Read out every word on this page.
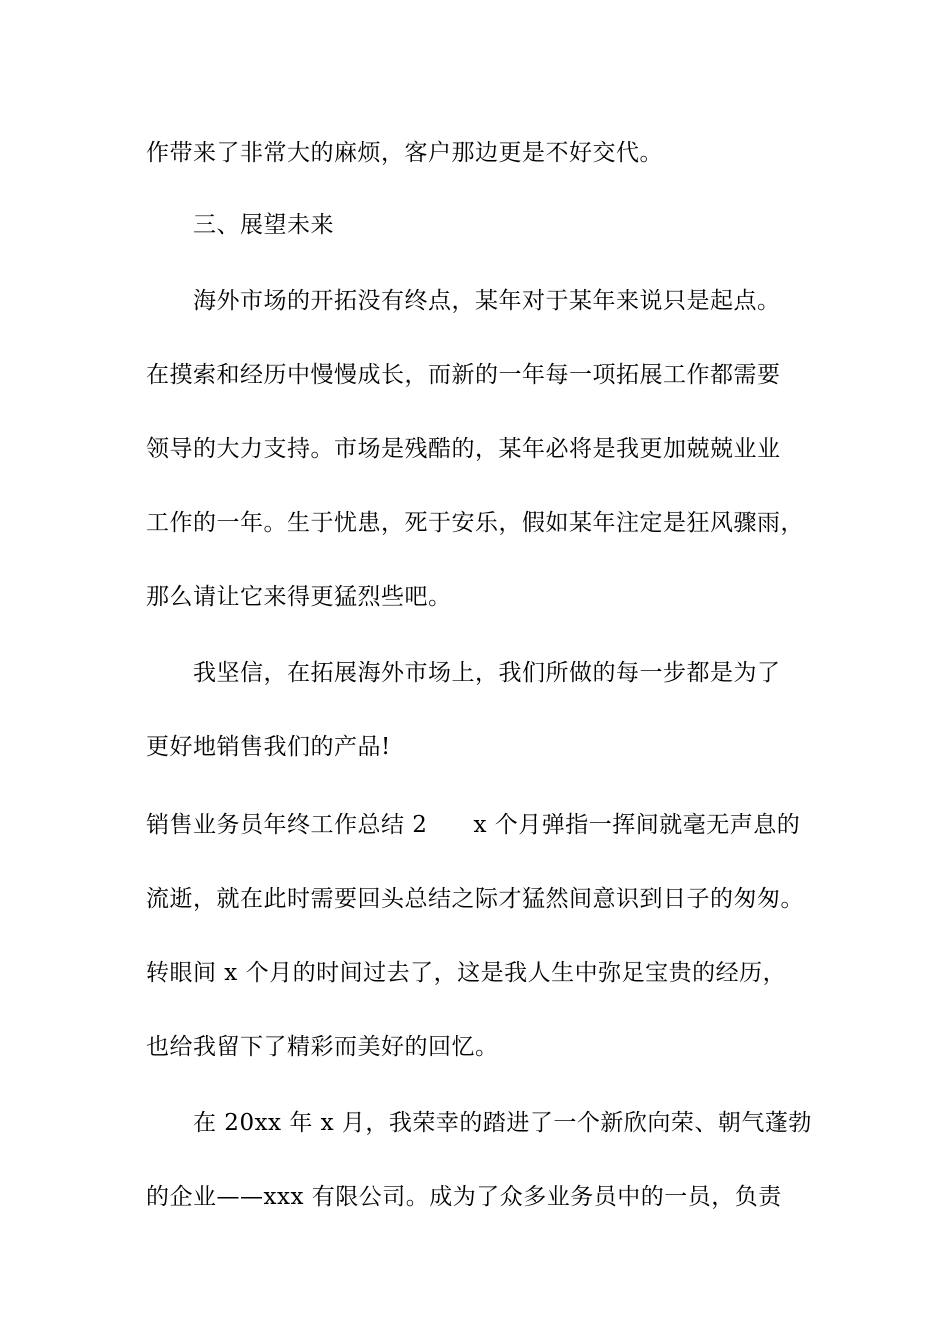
作带来了非常大的麻烦，客户那边更是不好交代。
三、展望未来
海外市场的开拓没有终点，某年对于某年来说只是起点。
在摸索和经历中慢慢成长，而新的一年每一项拓展工作都需要
领导的大力支持。市场是残酷的，某年必将是我更加兢兢业业
工作的一年。生于忧患，死于安乐，假如某年注定是狂风骤雨，
那么请让它来得更猛烈些吧。
我坚信，在拓展海外市场上，我们所做的每一步都是为了
更好地销售我们的产品!
销售业务员年终工作总结 2 x 个月弹指一挥间就毫无声息的
流逝，就在此时需要回头总结之际才猛然间意识到日子的匆匆。
转眼间 x 个月的时间过去了，这是我人生中弥足宝贵的经历，
也给我留下了精彩而美好的回忆。
在 20xx 年 x 月，我荣幸的踏进了一个新欣向荣、朝气蓬勃
的企业——xxx 有限公司。成为了众多业务员中的一员，负责
